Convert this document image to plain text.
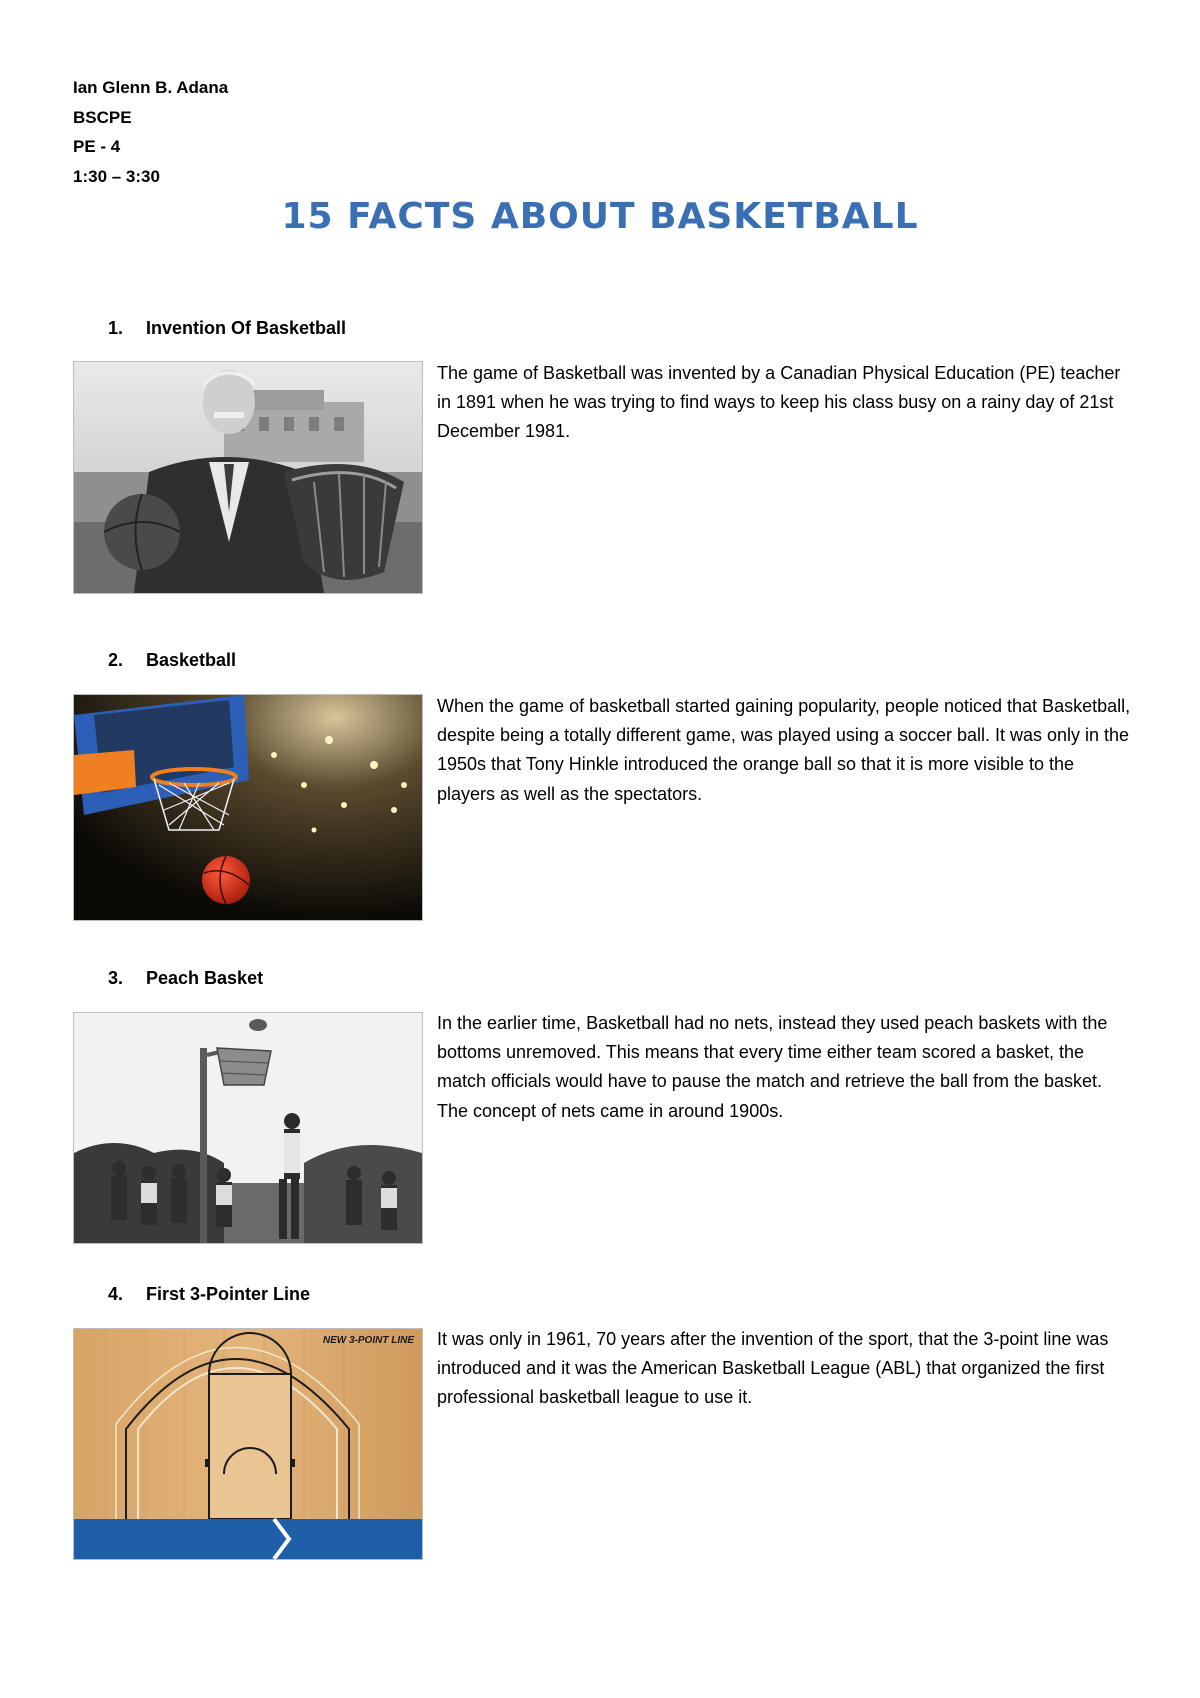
Ian Glenn B. Adana
BSCPE
PE - 4
1:30 – 3:30
15 FACTS ABOUT BASKETBALL
1. Invention Of Basketball

The game of Basketball was invented by a Canadian Physical Education (PE) teacher in 1891 when he was trying to find ways to keep his class busy on a rainy day of 21st December 1981.

2. Basketball

When the game of basketball started gaining popularity, people noticed that Basketball, despite being a totally different game, was played using a soccer ball. It was only in the 1950s that Tony Hinkle introduced the orange ball so that it is more visible to the players as well as the spectators.

3. Peach Basket

In the earlier time, Basketball had no nets, instead they used peach baskets with the bottoms unremoved. This means that every time either team scored a basket, the match officials would have to pause the match and retrieve the ball from the basket. The concept of nets came in around 1900s.

4. First 3-Pointer Line
NEW 3-POINT LINE It was only in 1961, 70 years after the invention of the sport, that the 3-point line was introduced and it was the American Basketball League (ABL) that organized the first professional basketball league to use it.
